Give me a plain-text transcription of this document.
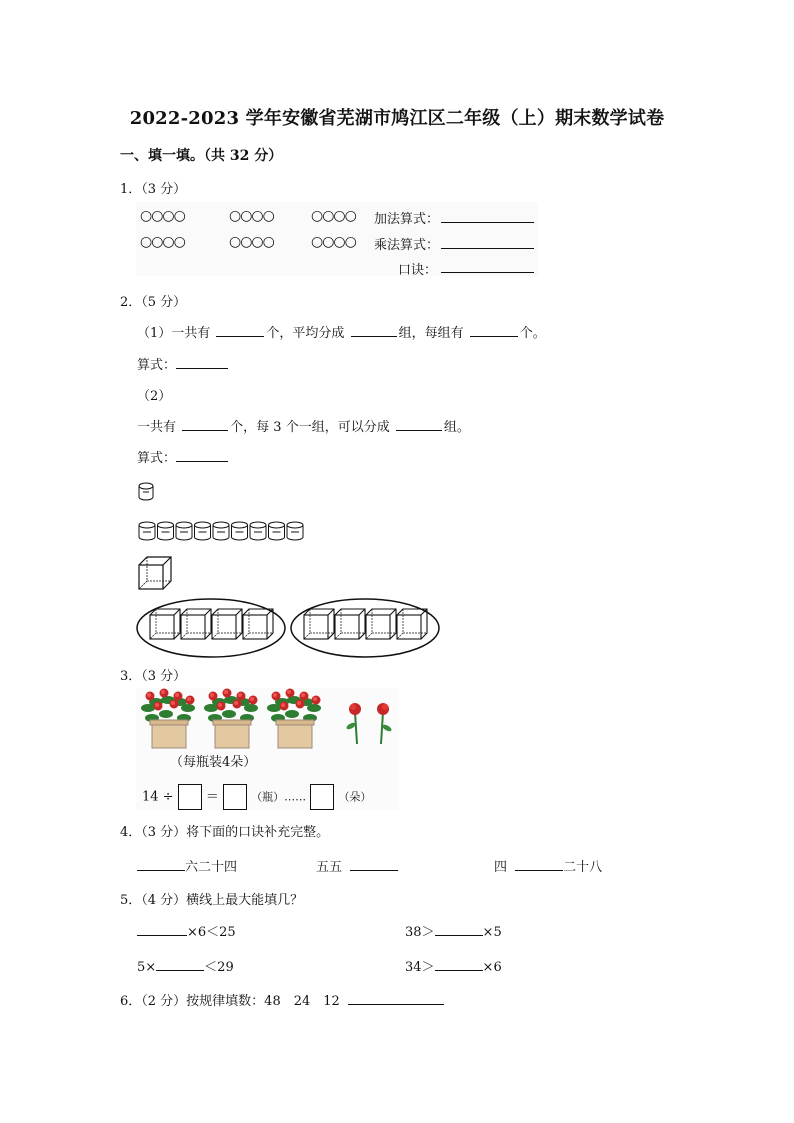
2022-2023 学年安徽省芜湖市鸠江区二年级（上）期末数学试卷
一、填一填。（共 32 分）
1．（3 分）
○○○○	○○○○	○○○○
○○○○	○○○○	○○○○
加法算式：
乘法算式：
口诀：
2．（5 分）
（1）一共有	个，平均分成	组，每组有	个。
算式：
（2）
一共有	个，每 3 个一组，可以分成	组。
算式：
3．（3 分）
（每瓶装4朵）
14 ÷ ＝	（瓶）……	（朵）
4．（3 分）将下面的口诀补充完整。
六二十四	五五	四	二十八
5．（4 分）横线上最大能填几？
×6＜25	38＞	×5
5×	＜29	34＞	×6
6．（2 分）按规律填数：48　24　12
